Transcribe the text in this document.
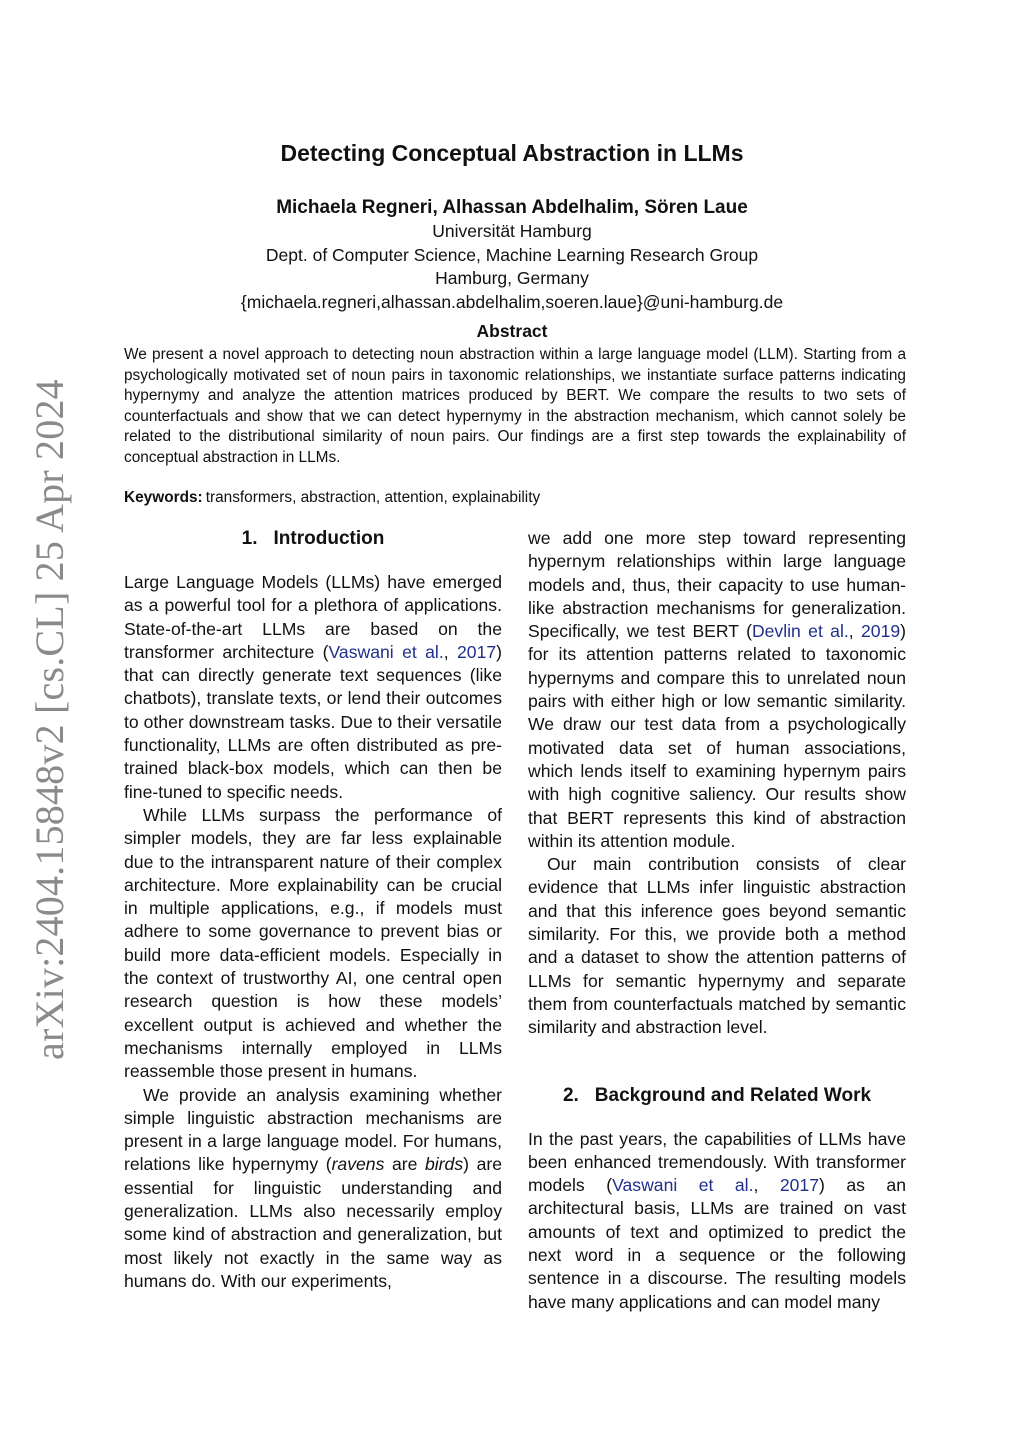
arXiv:2404.15848v2 [cs.CL] 25 Apr 2024
Detecting Conceptual Abstraction in LLMs
Michaela Regneri, Alhassan Abdelhalim, Sören Laue
Universität Hamburg
Dept. of Computer Science, Machine Learning Research Group
Hamburg, Germany
{michaela.regneri,alhassan.abdelhalim,soeren.laue}@uni-hamburg.de
Abstract

We present a novel approach to detecting noun abstraction within a large language model (LLM). Starting from a psychologically motivated set of noun pairs in taxonomic relationships, we instantiate surface patterns indicating hypernymy and analyze the attention matrices produced by BERT. We compare the results to two sets of counterfactuals and show that we can detect hypernymy in the abstraction mechanism, which cannot solely be related to the distributional similarity of noun pairs. Our findings are a first step towards the explainability of conceptual abstraction in LLMs.

Keywords: transformers, abstraction, attention, explainability
1. Introduction

Large Language Models (LLMs) have emerged as a powerful tool for a plethora of applications. State-of-the-art LLMs are based on the transformer architecture (Vaswani et al., 2017) that can directly generate text sequences (like chatbots), translate texts, or lend their outcomes to other downstream tasks. Due to their versatile functionality, LLMs are often distributed as pre-trained black-box models, which can then be fine-tuned to specific needs.

While LLMs surpass the performance of simpler models, they are far less explainable due to the intransparent nature of their complex architecture. More explainability can be crucial in multiple applications, e.g., if models must adhere to some governance to prevent bias or build more data-efficient models. Especially in the context of trustworthy AI, one central open research question is how these models’ excellent output is achieved and whether the mechanisms internally employed in LLMs reassemble those present in humans.

We provide an analysis examining whether simple linguistic abstraction mechanisms are present in a large language model. For humans, relations like hypernymy (ravens are birds) are essential for linguistic understanding and generalization. LLMs also necessarily employ some kind of abstraction and generalization, but most likely not exactly in the same way as humans do. With our experiments,

we add one more step toward representing hypernym relationships within large language models and, thus, their capacity to use human-like abstraction mechanisms for generalization. Specifically, we test BERT (Devlin et al., 2019) for its attention patterns related to taxonomic hypernyms and compare this to unrelated noun pairs with either high or low semantic similarity. We draw our test data from a psychologically motivated data set of human associations, which lends itself to examining hypernym pairs with high cognitive saliency. Our results show that BERT represents this kind of abstraction within its attention module.

Our main contribution consists of clear evidence that LLMs infer linguistic abstraction and that this inference goes beyond semantic similarity. For this, we provide both a method and a dataset to show the attention patterns of LLMs for semantic hypernymy and separate them from counterfactuals matched by semantic similarity and abstraction level.

2. Background and Related Work

In the past years, the capabilities of LLMs have been enhanced tremendously. With transformer models (Vaswani et al., 2017) as an architectural basis, LLMs are trained on vast amounts of text and optimized to predict the next word in a sequence or the following sentence in a discourse. The resulting models have many applications and can model many
